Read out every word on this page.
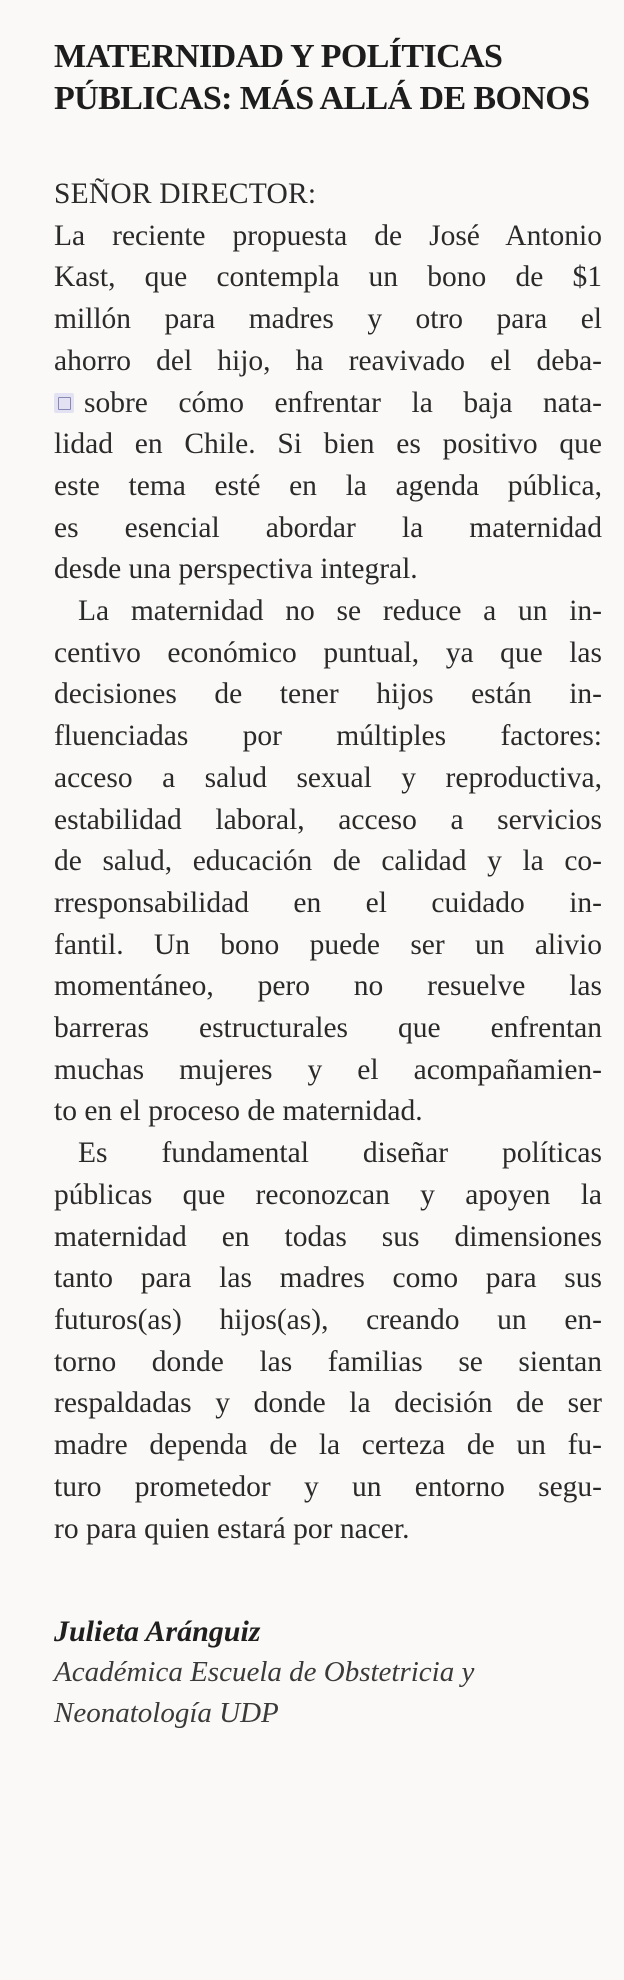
MATERNIDAD Y POLÍTICAS
PÚBLICAS: MÁS ALLÁ DE BONOS
SEÑOR DIRECTOR:
La reciente propuesta de José Antonio
Kast, que contempla un bono de $1
millón para madres y otro para el
ahorro del hijo, ha reavivado el deba-
sobre cómo enfrentar la baja nata-
lidad en Chile. Si bien es positivo que
este tema esté en la agenda pública,
es esencial abordar la maternidad
desde una perspectiva integral.
La maternidad no se reduce a un in-
centivo económico puntual, ya que las
decisiones de tener hijos están in-
fluenciadas por múltiples factores:
acceso a salud sexual y reproductiva,
estabilidad laboral, acceso a servicios
de salud, educación de calidad y la co-
rresponsabilidad en el cuidado in-
fantil. Un bono puede ser un alivio
momentáneo, pero no resuelve las
barreras estructurales que enfrentan
muchas mujeres y el acompañamien-
to en el proceso de maternidad.
Es fundamental diseñar políticas
públicas que reconozcan y apoyen la
maternidad en todas sus dimensiones
tanto para las madres como para sus
futuros(as) hijos(as), creando un en-
torno donde las familias se sientan
respaldadas y donde la decisión de ser
madre dependa de la certeza de un fu-
turo prometedor y un entorno segu-
ro para quien estará por nacer.
Julieta Aránguiz
Académica Escuela de Obstetricia y
Neonatología UDP
